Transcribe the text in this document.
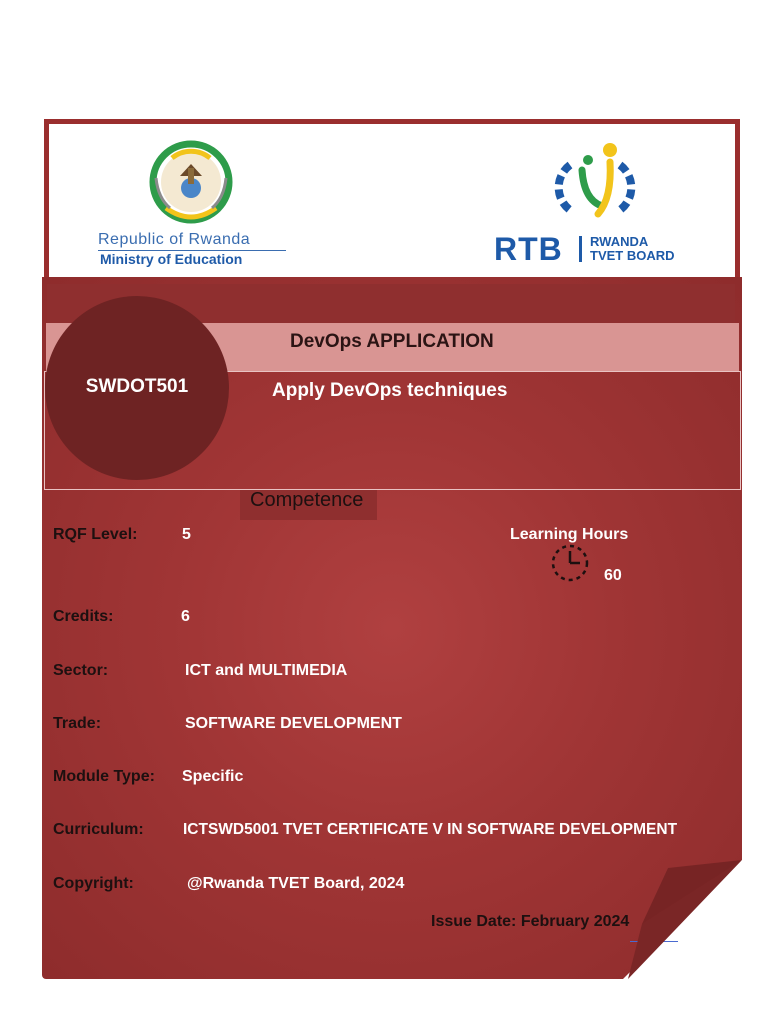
Republic of Rwanda
Ministry of Education	RTB RWANDA
TVET BOARD
DevOps APPLICATION
Apply DevOps techniques
SWDOT501
Competence
RQF Level:	5	Learning Hours
60
Credits:	6
Sector:	ICT and MULTIMEDIA
Trade:	SOFTWARE DEVELOPMENT
Module Type: Specific
Curriculum:	ICTSWD5001 TVET CERTIFICATE V IN SOFTWARE DEVELOPMENT
Copyright:	@Rwanda TVET Board, 2024
Issue Date: February 2024
